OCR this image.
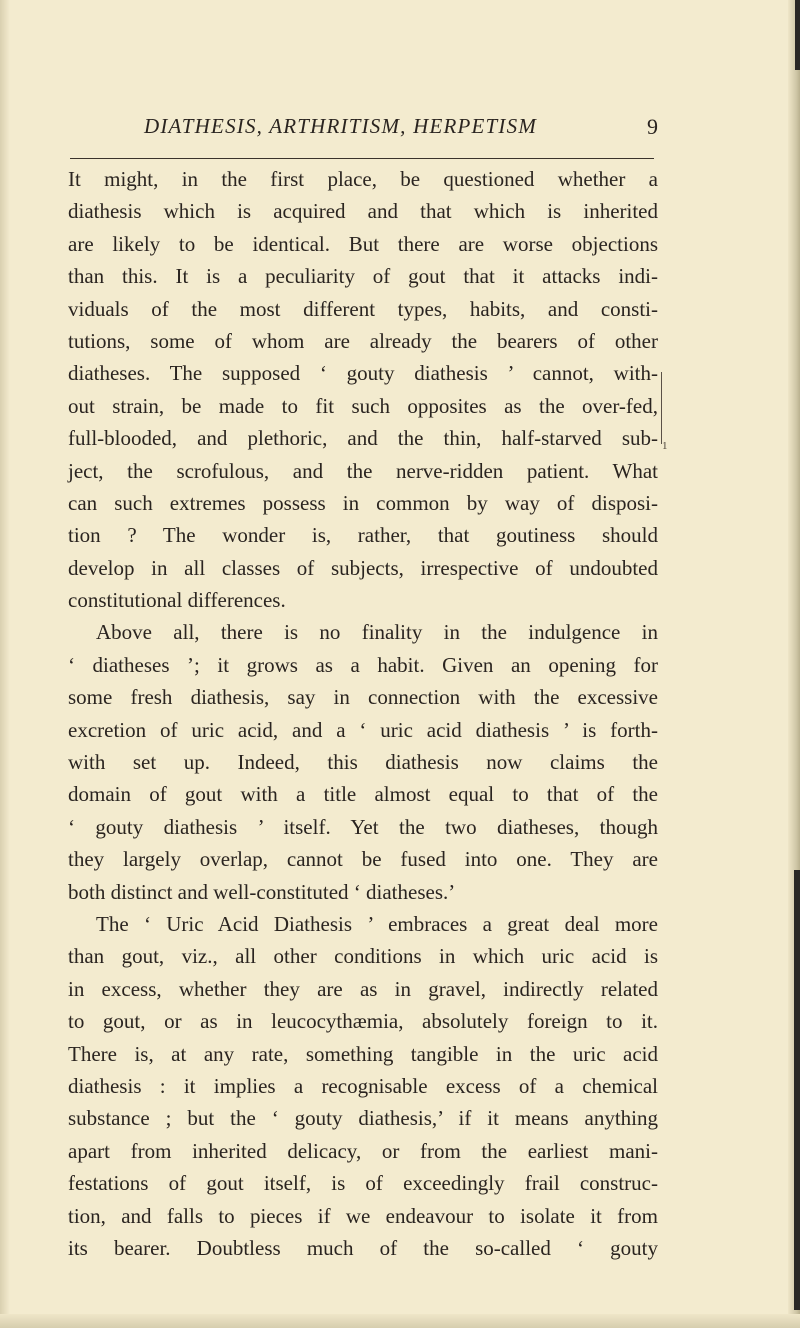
DIATHESIS, ARTHRITISM, HERPETISM	9
It might, in the first place, be questioned whether a
diathesis which is acquired and that which is inherited
are likely to be identical. But there are worse objections
than this. It is a peculiarity of gout that it attacks indi-
viduals of the most different types, habits, and consti-
tutions, some of whom are already the bearers of other
diatheses. The supposed ‘ gouty diathesis ’ cannot, with-
out strain, be made to fit such opposites as the over-fed,
full-blooded, and plethoric, and the thin, half-starved sub-
ject, the scrofulous, and the nerve-ridden patient. What
can such extremes possess in common by way of disposi-
tion ? The wonder is, rather, that goutiness should
develop in all classes of subjects, irrespective of undoubted
constitutional differences.
Above all, there is no finality in the indulgence in
‘ diatheses ’; it grows as a habit. Given an opening for
some fresh diathesis, say in connection with the excessive
excretion of uric acid, and a ‘ uric acid diathesis ’ is forth-
with set up. Indeed, this diathesis now claims the
domain of gout with a title almost equal to that of the
‘ gouty diathesis ’ itself. Yet the two diatheses, though
they largely overlap, cannot be fused into one. They are
both distinct and well-constituted ‘ diatheses.’
The ‘ Uric Acid Diathesis ’ embraces a great deal more
than gout, viz., all other conditions in which uric acid is
in excess, whether they are as in gravel, indirectly related
to gout, or as in leucocythæmia, absolutely foreign to it.
There is, at any rate, something tangible in the uric acid
diathesis : it implies a recognisable excess of a chemical
substance ; but the ‘ gouty diathesis,’ if it means anything
apart from inherited delicacy, or from the earliest mani-
festations of gout itself, is of exceedingly frail construc-
tion, and falls to pieces if we endeavour to isolate it from
its bearer. Doubtless much of the so-called ‘ gouty
1
